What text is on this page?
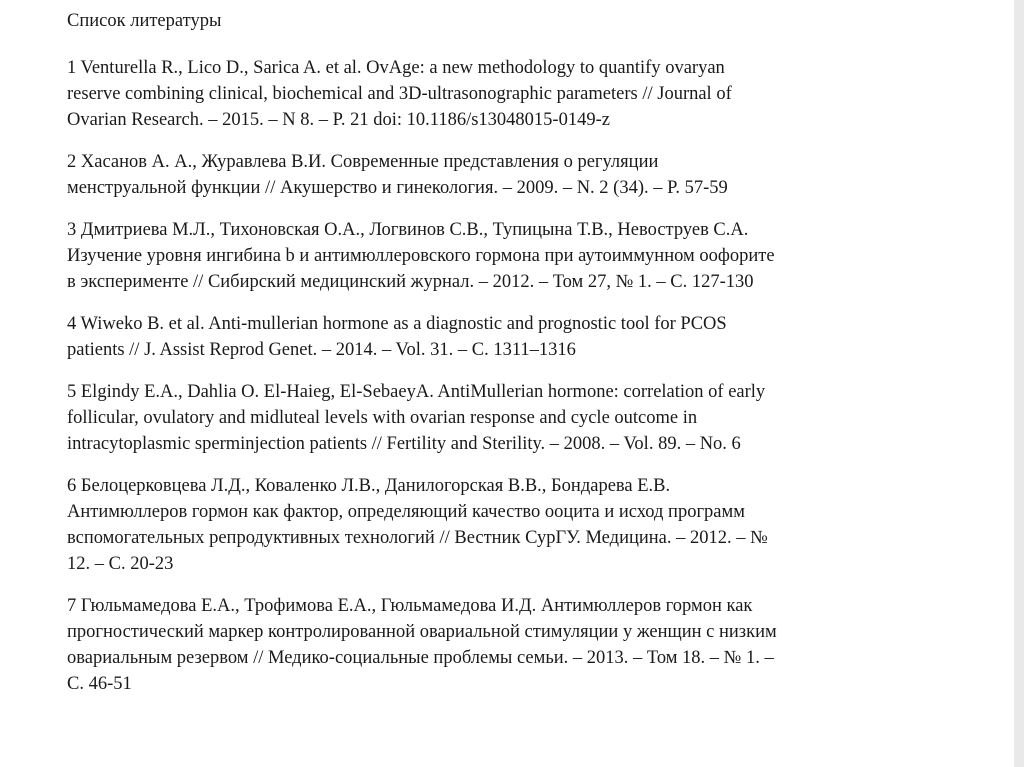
Список литературы
1 Venturella R., Lico D., Sarica A. et al. OvAge: a new methodology to quantify ovaryan
reserve combining clinical, biochemical and 3D-ultrasonographic parameters // Journal of
Ovarian Research. – 2015. – N 8. – P. 21 doi: 10.1186/s13048015-0149-z
2 Хасанов А. А., Журавлева В.И. Современные представления о регуляции
менструальной функции // Акушерство и гинекология. – 2009. – N. 2 (34). – P. 57-59
3 Дмитриева М.Л., Тихоновская О.А., Логвинов С.В., Тупицына Т.В., Невоструев С.А.
Изучение уровня ингибина b и антимюллеровского гормона при аутоиммунном оофорите
в эксперименте // Сибирский медицинский журнал. – 2012. – Том 27, № 1. – С. 127-130
4 Wiweko B. et al. Anti-mullerian hormone as a diagnostic and prognostic tool for PCOS
patients // J. Assist Reprod Genet. – 2014. – Vol. 31. – C. 1311–1316
5 Elgindy E.A., Dahlia O. El-Haieg, El-SebaeyA. AntiMullerian hormone: correlation of early
follicular, ovulatory and midluteal levels with ovarian response and cycle outcome in
intracytoplasmic sperminjection patients // Fertility and Sterility. – 2008. – Vol. 89. – No. 6
6 Белоцерковцева Л.Д., Коваленко Л.В., Данилогорская В.В., Бондарева Е.В.
Антимюллеров гормон как фактор, определяющий качество ооцита и исход программ
вспомогательных репродуктивных технологий // Вестник СурГУ. Медицина. – 2012. – №
12. – С. 20-23
7 Гюльмамедова Е.А., Трофимова Е.А., Гюльмамедова И.Д. Антимюллеров гормон как
прогностический маркер контролированной овариальной стимуляции у женщин с низким
овариальным резервом // Медико-социальные проблемы семьи. – 2013. – Том 18. – № 1. –
С. 46-51
